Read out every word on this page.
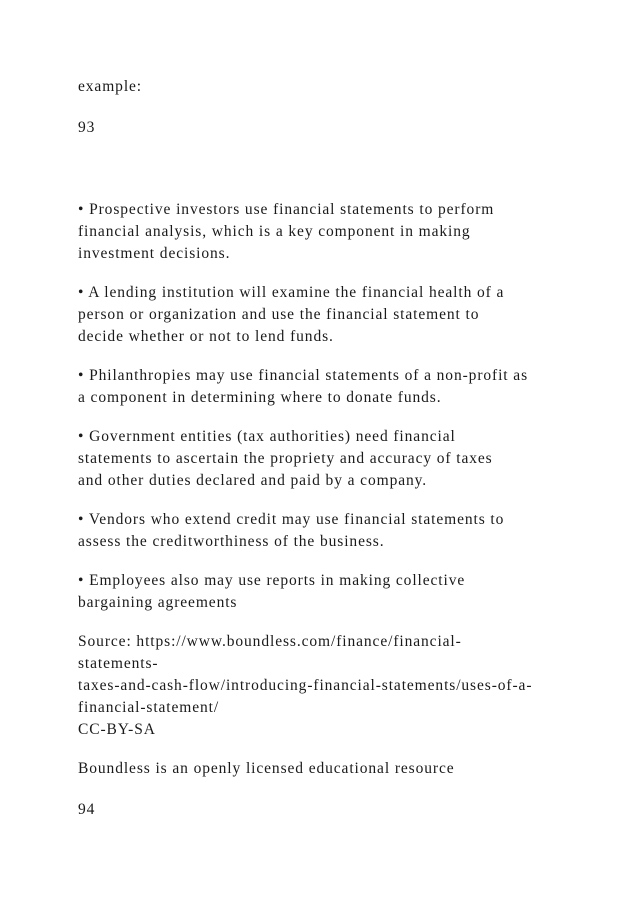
example:
93
• Prospective investors use financial statements to perform
financial analysis, which is a key component in making
investment decisions.
• A lending institution will examine the financial health of a
person or organization and use the financial statement to
decide whether or not to lend funds.
• Philanthropies may use financial statements of a non-profit as
a component in determining where to donate funds.
• Government entities (tax authorities) need financial
statements to ascertain the propriety and accuracy of taxes
and other duties declared and paid by a company.
• Vendors who extend credit may use financial statements to
assess the creditworthiness of the business.
• Employees also may use reports in making collective
bargaining agreements
Source: https://www.boundless.com/finance/financial-
statements-
taxes-and-cash-flow/introducing-financial-statements/uses-of-a-
financial-statement/
CC-BY-SA
Boundless is an openly licensed educational resource
94
